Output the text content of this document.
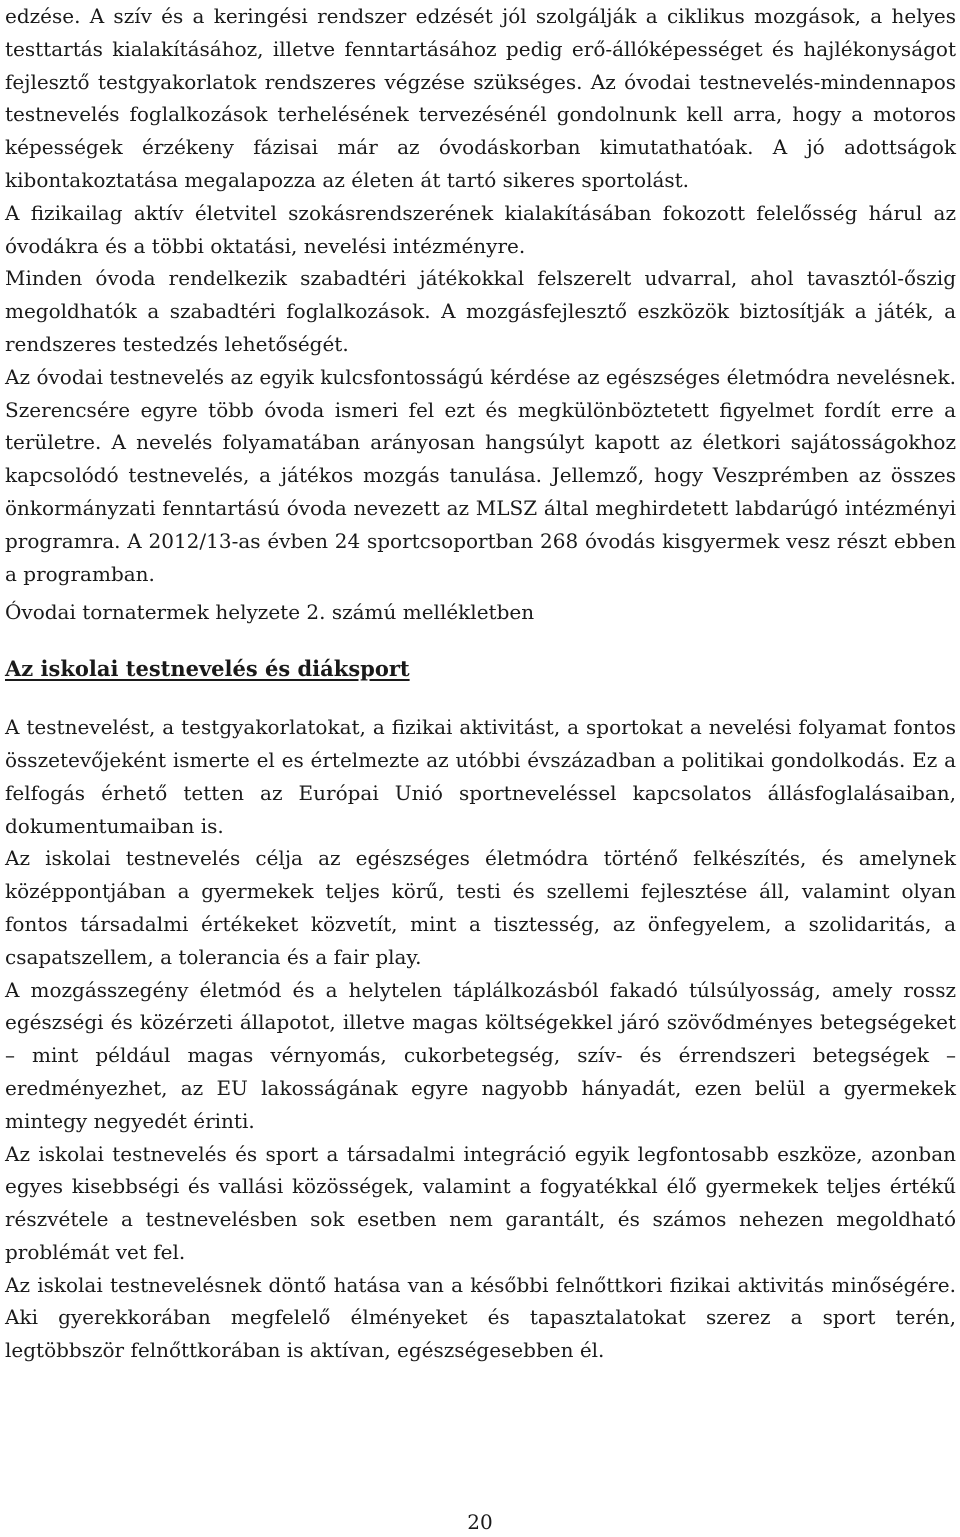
edzése. A szív és a keringési rendszer edzését jól szolgálják a ciklikus mozgások, a helyes testtartás kialakításához, illetve fenntartásához pedig erő-állóképességet és hajlékonyságot fejlesztő testgyakorlatok rendszeres végzése szükséges. Az óvodai testnevelés-mindennapos testnevelés foglalkozások terhelésének tervezésénél gondolnunk kell arra, hogy a motoros képességek érzékeny fázisai már az óvodáskorban kimutathatóak. A jó adottságok kibontakoztatása megalapozza az életen át tartó sikeres sportolást.

A fizikailag aktív életvitel szokásrendszerének kialakításában fokozott felelősség hárul az óvodákra és a többi oktatási, nevelési intézményre.

Minden óvoda rendelkezik szabadtéri játékokkal felszerelt udvarral, ahol tavasztól-őszig megoldhatók a szabadtéri foglalkozások. A mozgásfejlesztő eszközök biztosítják a játék, a rendszeres testedzés lehetőségét.

Az óvodai testnevelés az egyik kulcsfontosságú kérdése az egészséges életmódra nevelésnek. Szerencsére egyre több óvoda ismeri fel ezt és megkülönböztetett figyelmet fordít erre a területre. A nevelés folyamatában arányosan hangsúlyt kapott az életkori sajátosságokhoz kapcsolódó testnevelés, a játékos mozgás tanulása. Jellemző, hogy Veszprémben az összes önkormányzati fenntartású óvoda nevezett az MLSZ által meghirdetett labdarúgó intézményi programra. A 2012/13-as évben 24 sportcsoportban 268 óvodás kisgyermek vesz részt ebben a programban.

Óvodai tornatermek helyzete 2. számú mellékletben

Az iskolai testnevelés és diáksport

A testnevelést, a testgyakorlatokat, a fizikai aktivitást, a sportokat a nevelési folyamat fontos összetevőjeként ismerte el es értelmezte az utóbbi évszázadban a politikai gondolkodás. Ez a felfogás érhető tetten az Európai Unió sportneveléssel kapcsolatos állásfoglalásaiban, dokumentumaiban is.

Az iskolai testnevelés célja az egészséges életmódra történő felkészítés, és amelynek középpontjában a gyermekek teljes körű, testi és szellemi fejlesztése áll, valamint olyan fontos társadalmi értékeket közvetít, mint a tisztesség, az önfegyelem, a szolidaritás, a csapatszellem, a tolerancia és a fair play.

A mozgásszegény életmód és a helytelen táplálkozásból fakadó túlsúlyosság, amely rossz egészségi és közérzeti állapotot, illetve magas költségekkel járó szövődményes betegségeket – mint például magas vérnyomás, cukorbetegség, szív- és érrendszeri betegségek – eredményezhet, az EU lakosságának egyre nagyobb hányadát, ezen belül a gyermekek mintegy negyedét érinti.

Az iskolai testnevelés és sport a társadalmi integráció egyik legfontosabb eszköze, azonban egyes kisebbségi és vallási közösségek, valamint a fogyatékkal élő gyermekek teljes értékű részvétele a testnevelésben sok esetben nem garantált, és számos nehezen megoldható problémát vet fel.

Az iskolai testnevelésnek döntő hatása van a későbbi felnőttkori fizikai aktivitás minőségére. Aki gyerekkorában megfelelő élményeket és tapasztalatokat szerez a sport terén, legtöbbször felnőttkorában is aktívan, egészségesebben él.

20
